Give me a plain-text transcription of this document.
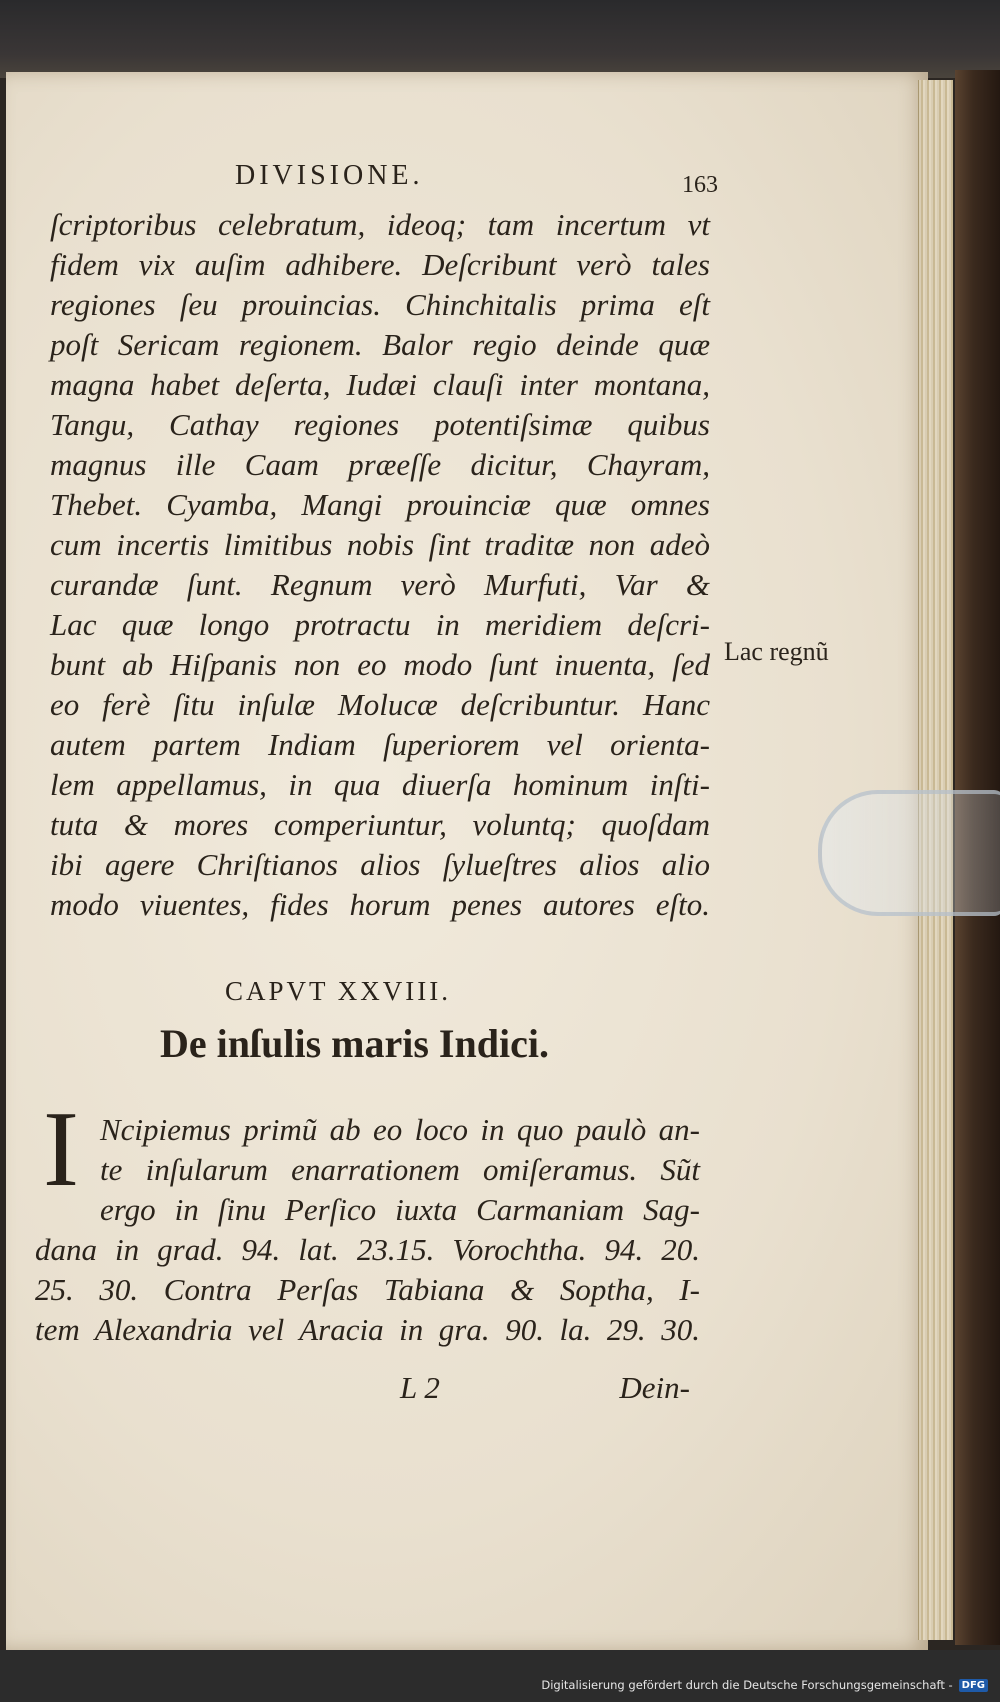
DIVISIONE.	163
ſcriptoribus celebratum, ideoq; tam incertum vt
fidem vix auſim adhibere. Deſcribunt verò tales
regiones ſeu prouincias. Chinchitalis prima eſt
poſt Sericam regionem. Balor regio deinde quæ
magna habet deſerta, Iudæi clauſi inter montana,
Tangu, Cathay regiones potentiſsimæ quibus
magnus ille Caam præeſſe dicitur, Chayram,
Thebet. Cyamba, Mangi prouinciæ quæ omnes
cum incertis limitibus nobis ſint traditæ non adeò
curandæ ſunt. Regnum verò Murfuti, Var &
Lac quæ longo protractu in meridiem deſcri-
bunt ab Hiſpanis non eo modo ſunt inuenta, ſed
eo ferè ſitu inſulæ Molucæ deſcribuntur. Hanc
autem partem Indiam ſuperiorem vel orienta-
lem appellamus, in qua diuerſa hominum inſti-
tuta & mores comperiuntur, voluntq; quoſdam
ibi agere Chriſtianos alios ſylueſtres alios alio
modo viuentes, fides horum penes autores eſto.
Lac regnũ
CAPVT XXVIII.
De inſulis maris Indici.
I Ncipiemus primũ ab eo loco in quo paulò an-
te inſularum enarrationem omiſeramus. Sũt
ergo in ſinu Perſico iuxta Carmaniam Sag-
dana in grad. 94. lat. 23.15. Vorochtha. 94. 20.
25. 30. Contra Perſas Tabiana & Soptha, I-
tem Alexandria vel Aracia in gra. 90. la. 29. 30.
L 2	Dein-
Digitalisierung gefördert durch die Deutsche Forschungsgemeinschaft - DFG
